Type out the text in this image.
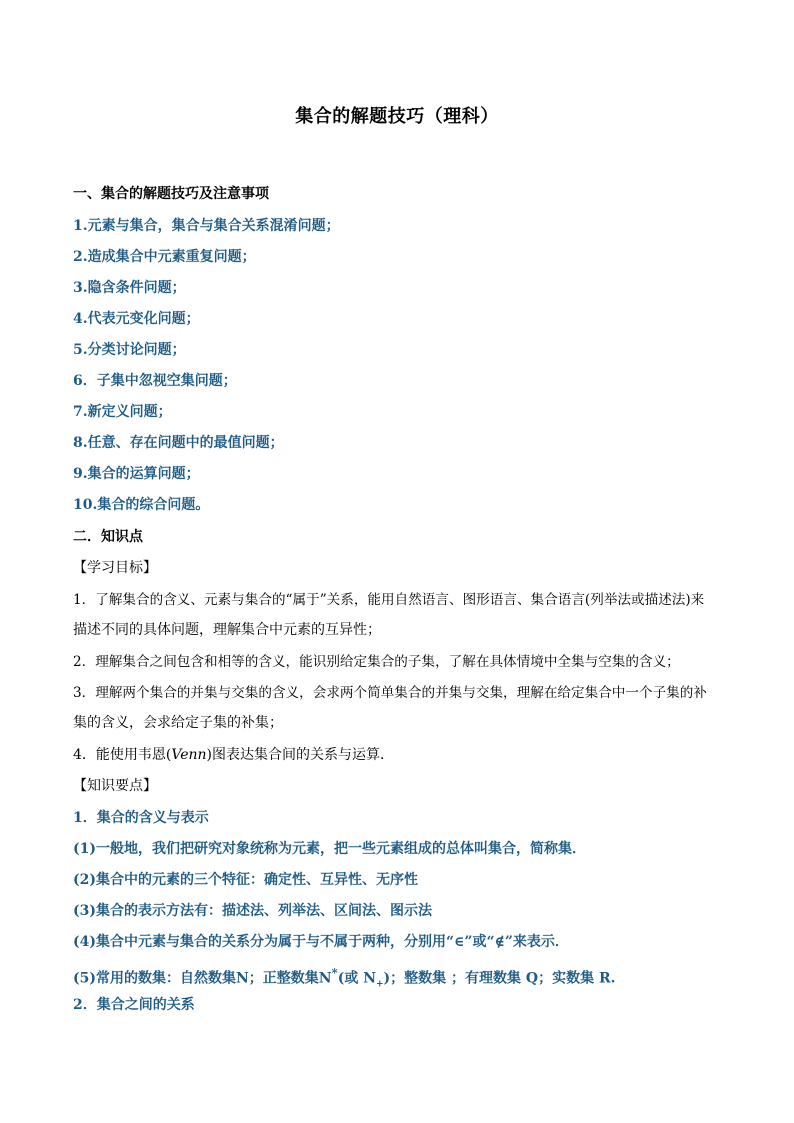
集合的解题技巧（理科）
一、集合的解题技巧及注意事项
1.元素与集合，集合与集合关系混淆问题；
2.造成集合中元素重复问题；
3.隐含条件问题；
4.代表元变化问题；
5.分类讨论问题；
6．子集中忽视空集问题；
7.新定义问题；
8.任意、存在问题中的最值问题；
9.集合的运算问题；
10.集合的综合问题。
二．知识点
【学习目标】
1．了解集合的含义、元素与集合的“属于”关系，能用自然语言、图形语言、集合语言(列举法或描述法)来
描述不同的具体问题，理解集合中元素的互异性；
2．理解集合之间包含和相等的含义，能识别给定集合的子集，了解在具体情境中全集与空集的含义；
3．理解两个集合的并集与交集的含义，会求两个简单集合的并集与交集，理解在给定集合中一个子集的补
集的含义，会求给定子集的补集；
4．能使用韦恩(Venn)图表达集合间的关系与运算．
【知识要点】
1．集合的含义与表示
(1)一般地，我们把研究对象统称为元素，把一些元素组成的总体叫集合，简称集．
(2)集合中的元素的三个特征：确定性、互异性、无序性
(3)集合的表示方法有：描述法、列举法、区间法、图示法
(4)集合中元素与集合的关系分为属于与不属于两种，分别用“∈”或“∉”来表示．
(5)常用的数集：自然数集N；正整数集N*(或 $N_+$)；整数集 ；有理数集 Q；实数集 R.
2．集合之间的关系
